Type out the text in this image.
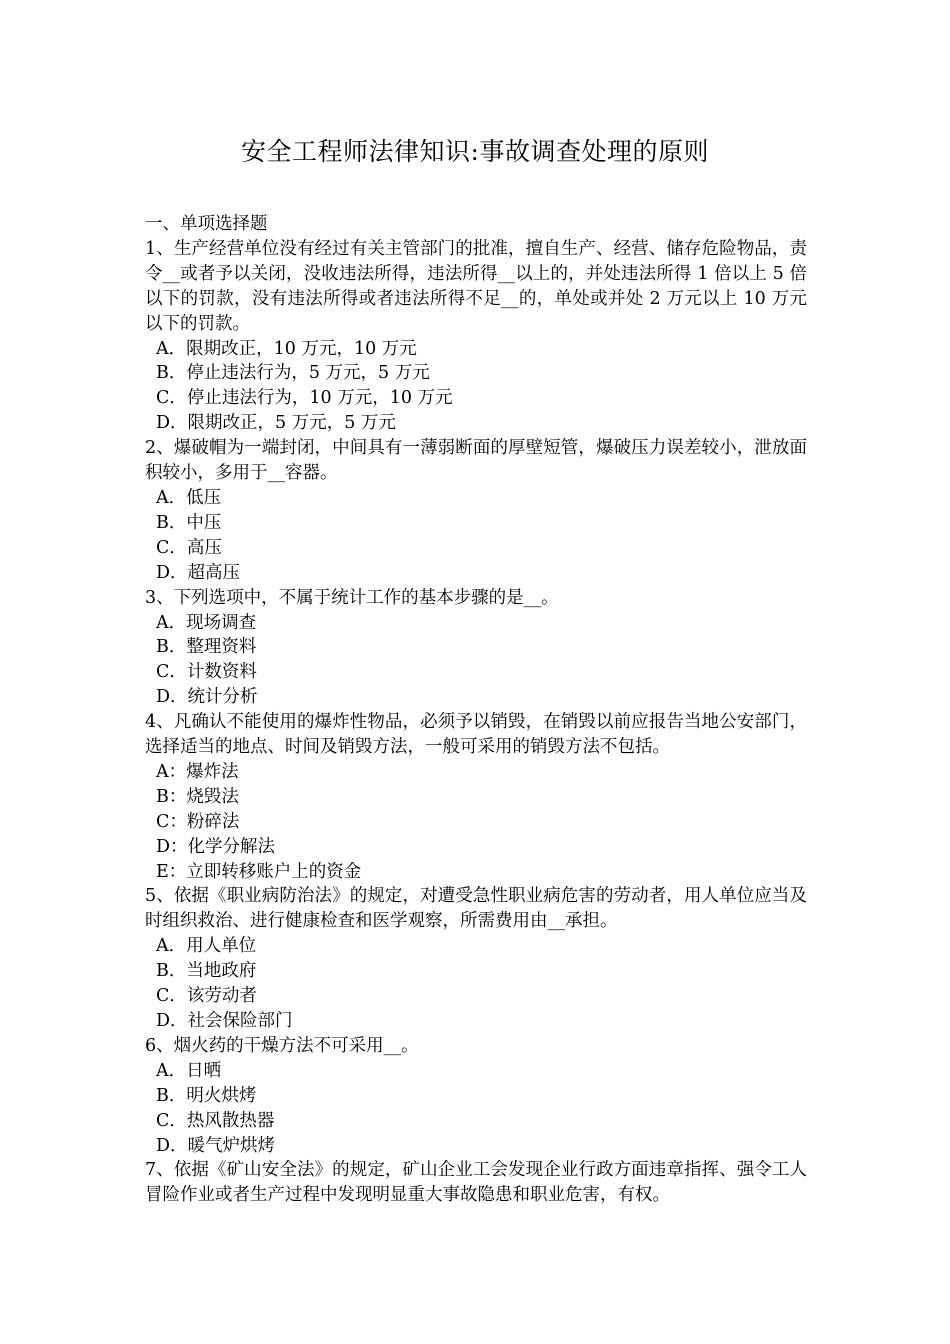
安全工程师法律知识:事故调查处理的原则
一、单项选择题

1、生产经营单位没有经过有关主管部门的批准，擅自生产、经营、储存危险物品，责令__或者予以关闭，没收违法所得，违法所得__以上的，并处违法所得 1 倍以上 5 倍以下的罚款，没有违法所得或者违法所得不足__的，单处或并处 2 万元以上 10 万元以下的罚款。

A．限期改正，10 万元，10 万元
B．停止违法行为，5 万元，5 万元
C．停止违法行为，10 万元，10 万元
D．限期改正，5 万元，5 万元

2、爆破帽为一端封闭，中间具有一薄弱断面的厚壁短管，爆破压力误差较小，泄放面积较小，多用于__容器。

A．低压
B．中压
C．高压
D．超高压

3、下列选项中，不属于统计工作的基本步骤的是__。

A．现场调查
B．整理资料
C．计数资料
D．统计分析

4、凡确认不能使用的爆炸性物品，必须予以销毁，在销毁以前应报告当地公安部门，选择适当的地点、时间及销毁方法，一般可采用的销毁方法不包括。

A：爆炸法
B：烧毁法
C：粉碎法
D：化学分解法
E：立即转移账户上的资金

5、依据《职业病防治法》的规定，对遭受急性职业病危害的劳动者，用人单位应当及时组织救治、进行健康检查和医学观察，所需费用由__承担。

A．用人单位
B．当地政府
C．该劳动者
D．社会保险部门

6、烟火药的干燥方法不可采用__。

A．日晒
B．明火烘烤
C．热风散热器
D．暖气炉烘烤

7、依据《矿山安全法》的规定，矿山企业工会发现企业行政方面违章指挥、强令工人冒险作业或者生产过程中发现明显重大事故隐患和职业危害，有权。
